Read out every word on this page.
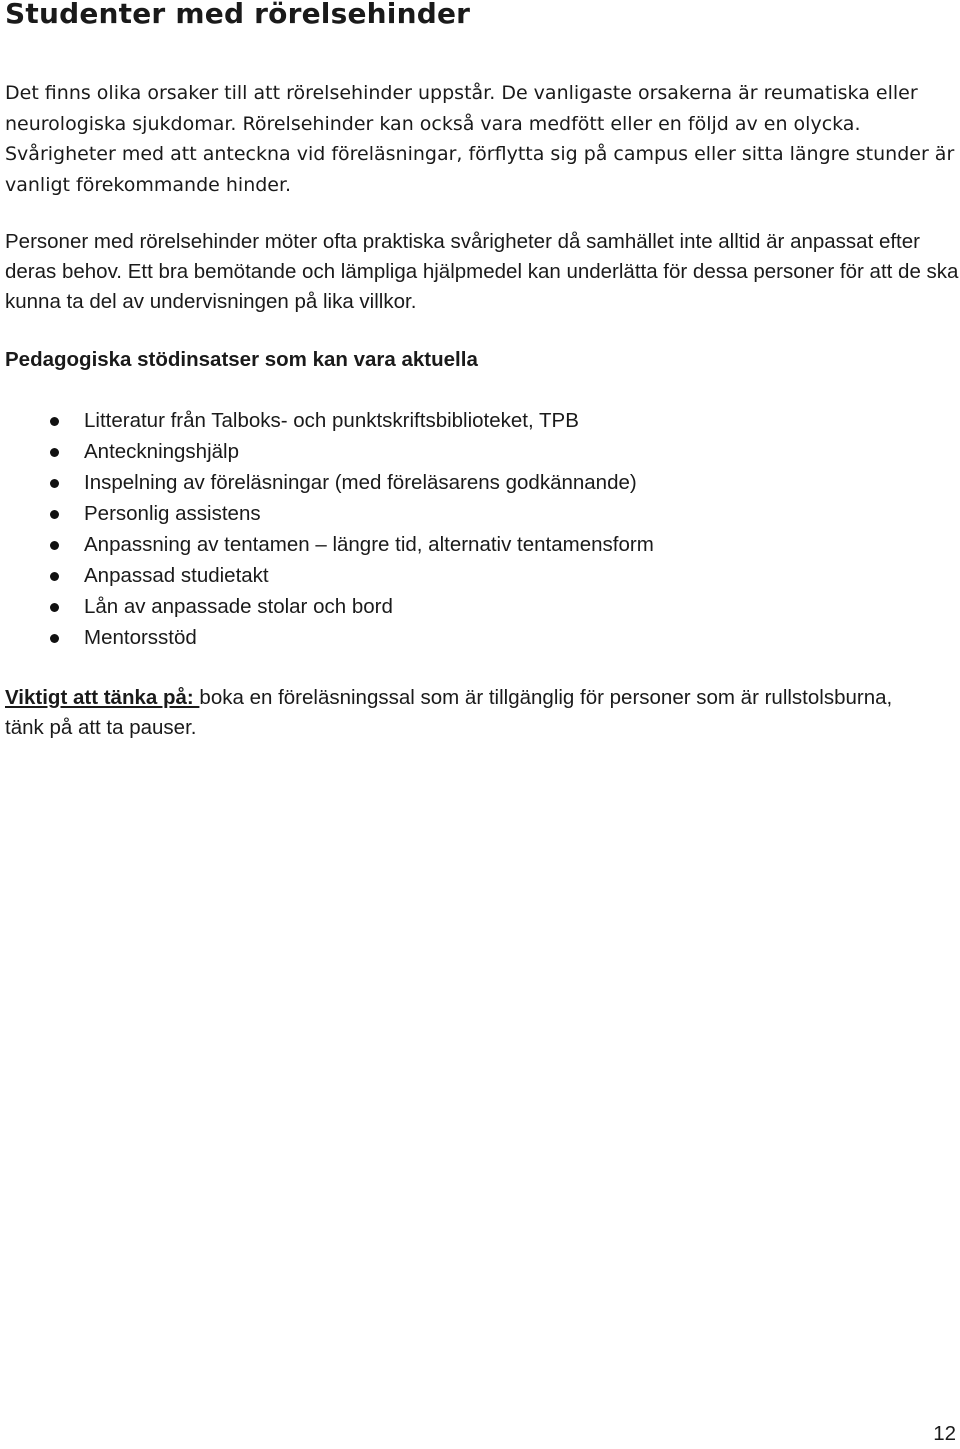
Studenter med rörelsehinder

Det finns olika orsaker till att rörelsehinder uppstår. De vanligaste orsakerna är reumatiska eller neurologiska sjukdomar. Rörelsehinder kan också vara medfött eller en följd av en olycka. Svårigheter med att anteckna vid föreläsningar, förflytta sig på campus eller sitta längre stunder är vanligt förekommande hinder.

Personer med rörelsehinder möter ofta praktiska svårigheter då samhället inte alltid är anpassat efter deras behov. Ett bra bemötande och lämpliga hjälpmedel kan underlätta för dessa personer för att de ska kunna ta del av undervisningen på lika villkor.

Pedagogiska stödinsatser som kan vara aktuella
Litteratur från Talboks- och punktskriftsbiblioteket, TPB
Anteckningshjälp
Inspelning av föreläsningar (med föreläsarens godkännande)
Personlig assistens
Anpassning av tentamen – längre tid, alternativ tentamensform
Anpassad studietakt
Lån av anpassade stolar och bord
Mentorsstöd

Viktigt att tänka på: boka en föreläsningssal som är tillgänglig för personer som är rullstolsburna, tänk på att ta pauser.

12
